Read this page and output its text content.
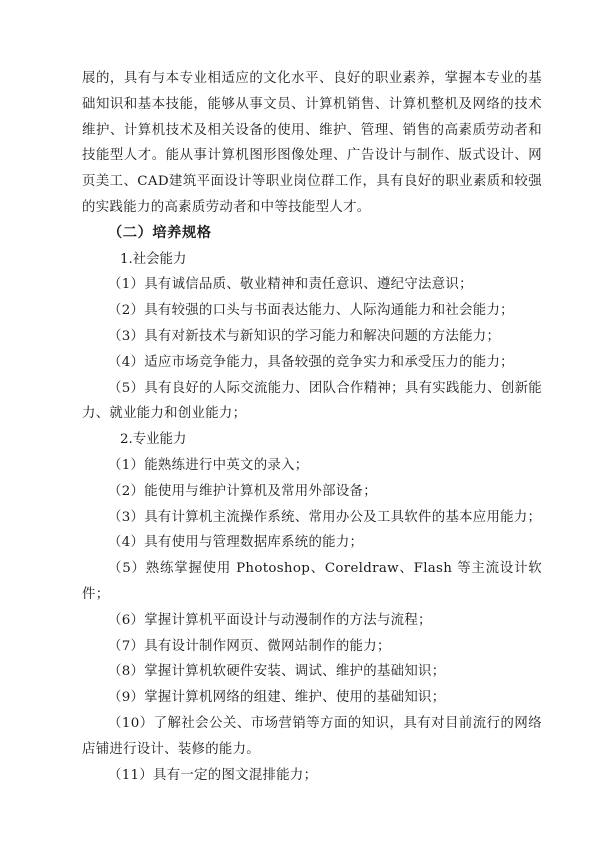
展的，具有与本专业相适应的文化水平、良好的职业素养，掌握本专业的基础知识和基本技能，能够从事文员、计算机销售、计算机整机及网络的技术维护、计算机技术及相关设备的使用、维护、管理、销售的高素质劳动者和技能型人才。能从事计算机图形图像处理、广告设计与制作、版式设计、网页美工、CAD建筑平面设计等职业岗位群工作，具有良好的职业素质和较强的实践能力的高素质劳动者和中等技能型人才。

（二）培养规格

1.社会能力

（1）具有诚信品质、敬业精神和责任意识、遵纪守法意识；

（2）具有较强的口头与书面表达能力、人际沟通能力和社会能力；

（3）具有对新技术与新知识的学习能力和解决问题的方法能力；

（4）适应市场竞争能力，具备较强的竞争实力和承受压力的能力；

（5）具有良好的人际交流能力、团队合作精神；具有实践能力、创新能力、就业能力和创业能力；

2.专业能力

（1）能熟练进行中英文的录入；

（2）能使用与维护计算机及常用外部设备；

（3）具有计算机主流操作系统、常用办公及工具软件的基本应用能力；

（4）具有使用与管理数据库系统的能力；

（5）熟练掌握使用 Photoshop、Coreldraw、Flash 等主流设计软件；

（6）掌握计算机平面设计与动漫制作的方法与流程；

（7）具有设计制作网页、微网站制作的能力；

（8）掌握计算机软硬件安装、调试、维护的基础知识；

（9）掌握计算机网络的组建、维护、使用的基础知识；

（10）了解社会公关、市场营销等方面的知识，具有对目前流行的网络店铺进行设计、装修的能力。

（11）具有一定的图文混排能力；
